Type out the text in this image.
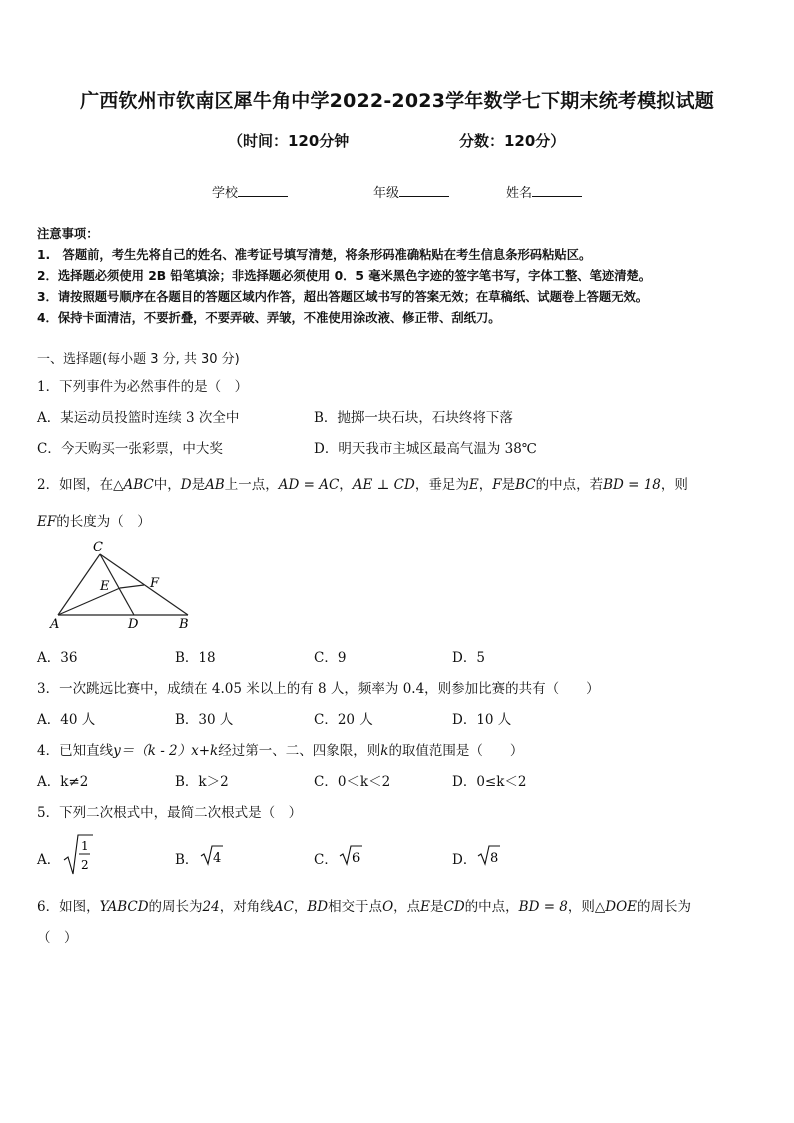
广西钦州市钦南区犀牛角中学2022-2023学年数学七下期末统考模拟试题
（时间：120分钟	分数：120分）
学校	年级	姓名
注意事项：
1.　答题前，考生先将自己的姓名、准考证号填写清楚，将条形码准确粘贴在考生信息条形码粘贴区。
2．选择题必须使用 2B 铅笔填涂；非选择题必须使用 0．5 毫米黑色字迹的签字笔书写，字体工整、笔迹清楚。
3．请按照题号顺序在各题目的答题区域内作答，超出答题区域书写的答案无效；在草稿纸、试题卷上答题无效。
4．保持卡面清洁，不要折叠，不要弄破、弄皱，不准使用涂改液、修正带、刮纸刀。
一、选择题(每小题 3 分, 共 30 分)
1．下列事件为必然事件的是（　）
A．某运动员投篮时连续 3 次全中	B．抛掷一块石块，石块终将下落
C．今天购买一张彩票，中大奖	D．明天我市主城区最高气温为 38℃
2．如图，在△ABC中，D是AB上一点，AD = AC，AE ⊥ CD，垂足为E，F是BC的中点，若BD = 18，则
EF的长度为（　）
C
E	F
A	D	B
A．36	B．18	C．9	D．5
3．一次跳远比赛中，成绩在 4.05 米以上的有 8 人，频率为 0.4，则参加比赛的共有（　　）
A．40 人	B．30 人	C．20 人	D．10 人
4．已知直线y＝（k - 2）x+k经过第一、二、四象限，则k的取值范围是（　　）
A．k≠2	B．k＞2	C．0＜k＜2	D．0≤k＜2
5．下列二次根式中，最简二次根式是（　）
A．
1
2	B． 4	C． 6	D． 8
6．如图，YABCD的周长为24，对角线AC，BD相交于点O，点E是CD的中点，BD = 8，则△DOE的周长为
（　）
